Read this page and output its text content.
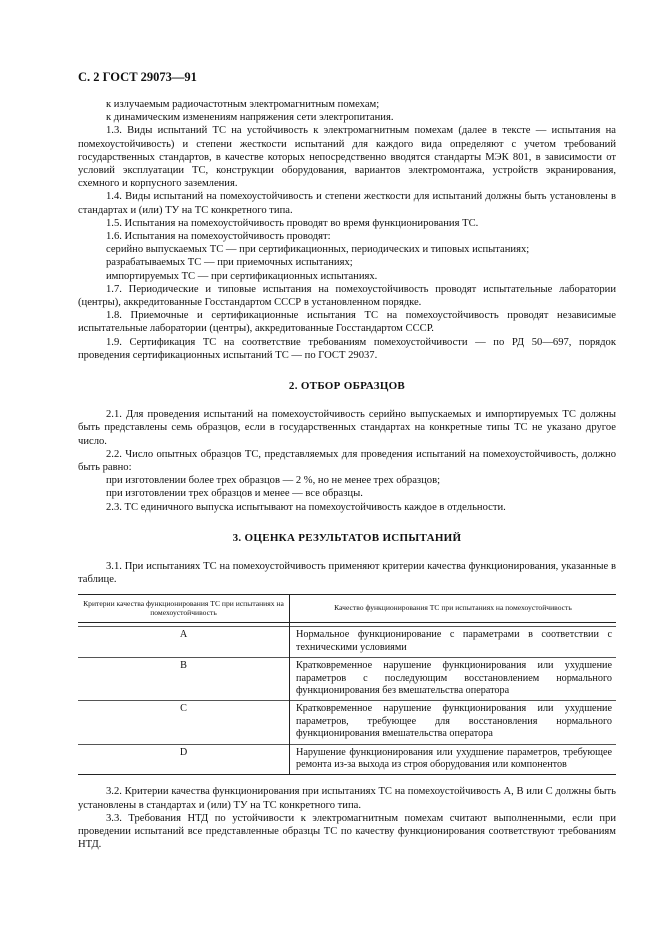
С. 2 ГОСТ 29073—91

к излучаемым радиочастотным электромагнитным помехам;

к динамическим изменениям напряжения сети электропитания.

1.3. Виды испытаний ТС на устойчивость к электромагнитным помехам (далее в тексте — испытания на помехоустойчивость) и степени жесткости испытаний для каждого вида определяют с учетом требований государственных стандартов, в качестве которых непосредственно вводятся стандарты МЭК 801, в зависимости от условий эксплуатации ТС, конструкции оборудования, вариантов электромонтажа, устройств экранирования, схемного и корпусного заземления.

1.4. Виды испытаний на помехоустойчивость и степени жесткости для испытаний должны быть установлены в стандартах и (или) ТУ на ТС конкретного типа.

1.5. Испытания на помехоустойчивость проводят во время функционирования ТС.

1.6. Испытания на помехоустойчивость проводят:

серийно выпускаемых ТС — при сертификационных, периодических и типовых испытаниях;

разрабатываемых ТС — при приемочных испытаниях;

импортируемых ТС — при сертификационных испытаниях.

1.7. Периодические и типовые испытания на помехоустойчивость проводят испытательные лаборатории (центры), аккредитованные Госстандартом СССР в установленном порядке.

1.8. Приемочные и сертификационные испытания ТС на помехоустойчивость проводят независимые испытательные лаборатории (центры), аккредитованные Госстандартом СССР.

1.9. Сертификация ТС на соответствие требованиям помехоустойчивости — по РД 50—697, порядок проведения сертификационных испытаний ТС — по ГОСТ 29037.

2. ОТБОР ОБРАЗЦОВ

2.1. Для проведения испытаний на помехоустойчивость серийно выпускаемых и импортируемых ТС должны быть представлены семь образцов, если в государственных стандартах на конкретные типы ТС не указано другое число.

2.2. Число опытных образцов ТС, представляемых для проведения испытаний на помехоустойчивость, должно быть равно:

при изготовлении более трех образцов — 2 %, но не менее трех образцов;

при изготовлении трех образцов и менее — все образцы.

2.3. ТС единичного выпуска испытывают на помехоустойчивость каждое в отдельности.

3. ОЦЕНКА РЕЗУЛЬТАТОВ ИСПЫТАНИЙ

3.1. При испытаниях ТС на помехоустойчивость применяют критерии качества функционирования, указанные в таблице.

Критерии качества функционирования ТС при испытаниях на помехоустойчивость	Качество функционирования ТС при испытаниях на помехоустойчивость

A	Нормальное функционирование с параметрами в соответствии с техническими условиями
B	Кратковременное нарушение функционирования или ухудшение параметров с последующим восстановлением нормального функционирования без вмешательства оператора
C	Кратковременное нарушение функционирования или ухудшение параметров, требующее для восстановления нормального функционирования вмешательства оператора
D	Нарушение функционирования или ухудшение параметров, требующее ремонта из-за выхода из строя оборудования или компонентов

3.2. Критерии качества функционирования при испытаниях ТС на помехоустойчивость А, В или С должны быть установлены в стандартах и (или) ТУ на ТС конкретного типа.

3.3. Требования НТД по устойчивости к электромагнитным помехам считают выполненными, если при проведении испытаний все представленные образцы ТС по качеству функционирования соответствуют требованиям НТД.
